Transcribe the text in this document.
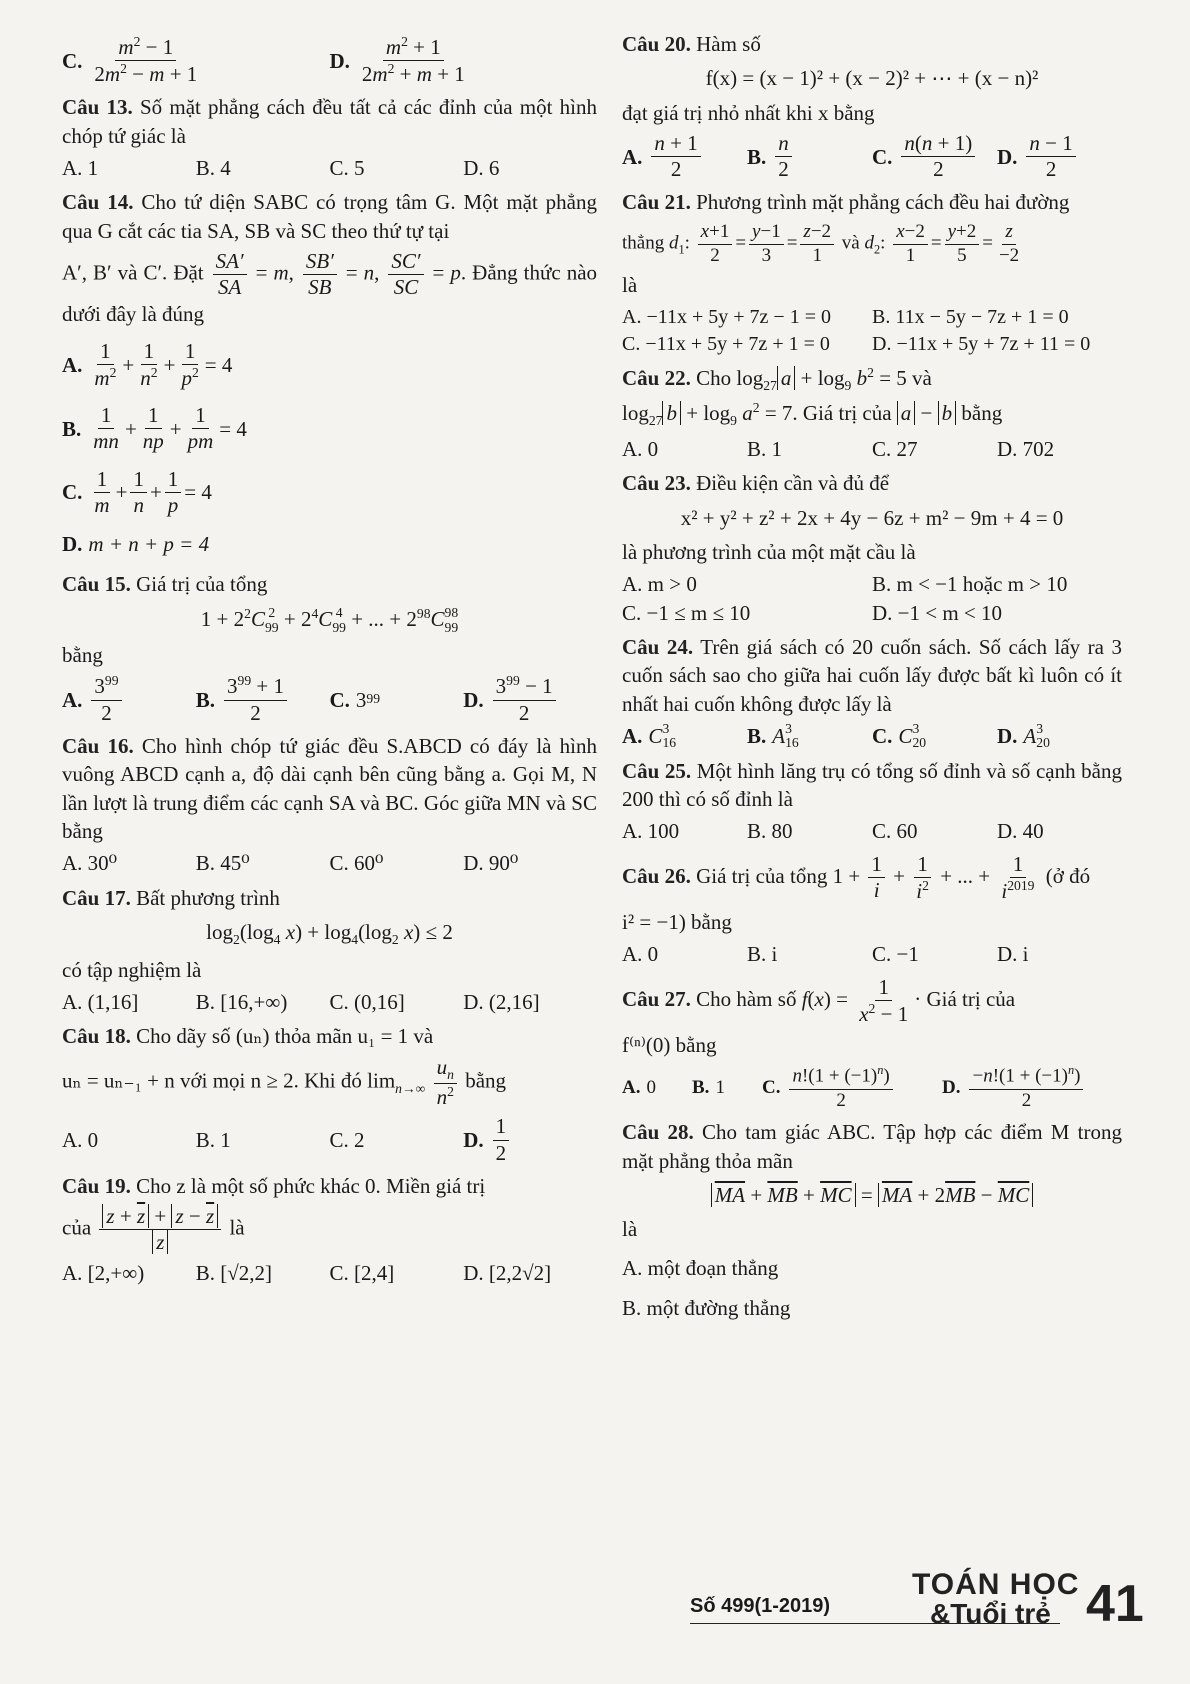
C. $\frac{m^2 - 1}{2m^2 - m + 1}$	D. $\frac{m^2 + 1}{2m^2 + m + 1}$

Câu 13. Số mặt phẳng cách đều tất cả các đỉnh của một hình chóp tứ giác là

A. 1	B. 4	C. 5	D. 6

Câu 14. Cho tứ diện SABC có trọng tâm G. Một mặt phẳng qua G cắt các tia SA, SB và SC theo thứ tự tại

A′, B′ và C′. Đặt $\frac{SA'}{SA} = m$, $\frac{SB'}{SB} = n$, $\frac{SC'}{SC} = p$. Đẳng thức nào dưới đây là đúng

A. $\frac{1}{m^2} + \frac{1}{n^2} + \frac{1}{p^2} = 4$
B. $\frac{1}{mn} + \frac{1}{np} + \frac{1}{pm} = 4$
C. $\frac{1}{m} + \frac{1}{n} + \frac{1}{p} = 4$
D. m + n + p = 4

Câu 15. Giá trị của tổng

$1 + 2^2C$ 2
$99 + 2^4C$ 4
99 + ... + $2^{98}C$ 98
99

bằng

A. $\frac{3^{99}}{2}$	B. $\frac{3^{99} + 1}{2} C$. 3 99	D. $\frac{3^{99} - 1}{2}$

Câu 16. Cho hình chóp tứ giác đều S.ABCD có đáy là hình vuông ABCD cạnh a, độ dài cạnh bên cũng bằng a. Gọi M, N lần lượt là trung điểm các cạnh SA và BC. Góc giữa MN và SC bằng

A. 30⁰	B. 45⁰	C. 60⁰	D. 90⁰

Câu 17. Bất phương trình

$\log_2(\log_4$ $x) + \log_4(\log_2$ x) ≤ 2

có tập nghiệm là

A. (1,16]	B. [16,+∞)	C. (0,16]	D. (2,16]

Câu 18. Cho dãy số (uₙ) thỏa mãn u₁ = 1 và

uₙ = uₙ₋₁ + n với mọi n ≥ 2. Khi đó $\lim_{n\to\infty} \frac{u_n}{n^2}$ bằng

A. 0	B. 1	C. 2	D. $\frac{1}{2}$

Câu 19. Cho z là một số phức khác 0. Miền giá trị

của $\frac{z + \overline{z} + z - \overline{z}}{z}$ là

A. [2,+∞)	B. [√2,2]	C. [2,4]	D. [2,2√2]

Câu 20. Hàm số

f(x) = (x − 1)² + (x − 2)² + ⋯ + (x − n)²

đạt giá trị nhỏ nhất khi x bằng

A. $\frac{n + 1}{2} B$. $\frac{n}{2}$	C. $\frac{n(n + 1)}{2} D$. $\frac{n - 1}{2}$

Câu 21. Phương trình mặt phẳng cách đều hai đường

thẳng $d_1$: $\frac{x+1}{2} = \frac{y-1}{3} = \frac{z-2}{1}$ và $d_2$: $\frac{x-2}{1} = \frac{y+2}{5} = \frac{z}{-2}$

là

A. −11x + 5y + 7z − 1 = 0	B. 11x − 5y − 7z + 1 = 0
C. −11x + 5y + 7z + 1 = 0	D. −11x + 5y + 7z + 11 = 0

Câu 22. Cho $\log_{27} a + \log_9 b^2 = 5$ và

$\log_{27} b + \log_9 a^2 = 7$. Giá trị của a − b bằng

A. 0	B. 1	C. 27	D. 702

Câu 23. Điều kiện cần và đủ để

x² + y² + z² + 2x + 4y − 6z + m² − 9m + 4 = 0

là phương trình của một mặt cầu là

A. m > 0	B. m < −1 hoặc m > 10
C. −1 ≤ m ≤ 10	D. −1 < m < 10

Câu 24. Trên giá sách có 20 cuốn sách. Số cách lấy ra 3 cuốn sách sao cho giữa hai cuốn lấy được bất kì luôn có ít nhất hai cuốn không được lấy là

A. C 3
16	B. A 3
16	C. C 3
20	D. A 3
20

Câu 25. Một hình lăng trụ có tổng số đỉnh và số cạnh bằng 200 thì có số đỉnh là

A. 100	B. 80	C. 60	D. 40

Câu 26. Giá trị của tổng $1 + \frac{1}{i} + \frac{1}{i^2}$ + ... + $\frac{1}{i^{2019}}$ (ở đó

i² = −1) bằng

A. 0	B. i	C. −1	D. i

Câu 27. Cho hàm số $f(x) = \frac{1}{x^2 - 1}$ · Giá trị của

f⁽ⁿ⁾(0) bằng

A. 0	B. 1	C. $\frac{n!(1 + (-1)^n)}{2}$	D. $\frac{-n!(1 + (-1)^n)}{2}$

Câu 28. Cho tam giác ABC. Tập hợp các điểm M trong mặt phẳng thỏa mãn

$\overline{MA} + \overline{MB} + \overline{MC} = \overline{MA} + 2\overline{MB} - \overline{MC}$

là

A. một đoạn thẳng
B. một đường thẳng
Số 499(1-2019)
TOÁN HỌC
&Tuổi trẻ 41
